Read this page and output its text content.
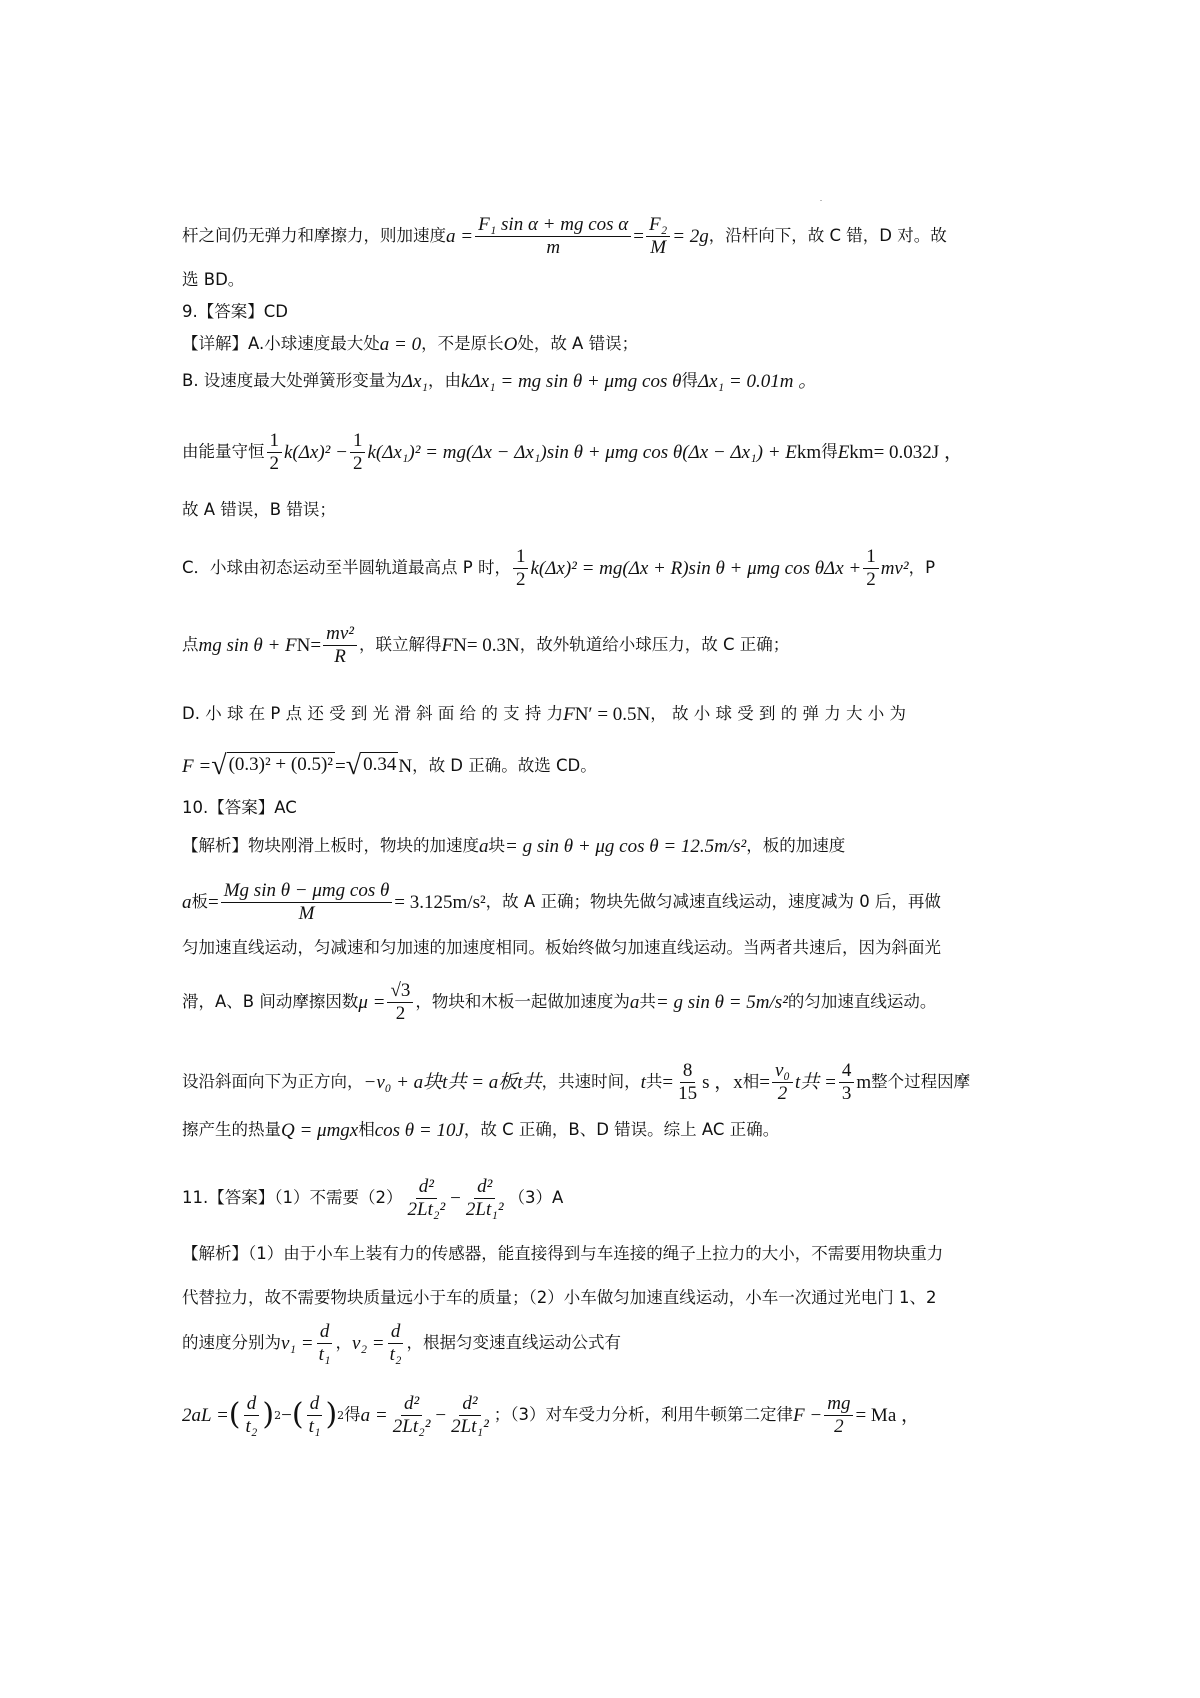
杆之间仍无弹力和摩擦力，则加速度 $a = \frac{\text{F₁ sin α + mg cos α}}{m} = \frac{\text{F₂}}{M} = 2g$ ，沿杆向下，故 C 错，D 对。故
选 BD。
9.【答案】CD
【详解】A.小球速度最大处 a = 0 ，不是原长 O 处，故 A 错误；
B. 设速度最大处弹簧形变量为 Δx₁ ，由 kΔx₁ = mg sin θ + μmg cos θ 得 Δx₁ = 0.01m 。
由能量守恒 $\frac{1}{2} k(\Delta x)^2 - \frac{1}{2} k(\Delta x_1)^2 = mg(\Delta x - \Delta x_1)\sin$ θ + μmg cos θ(Δx − Δx₁) + E km 得 E km = 0.032J ，
故 A 错误，B 错误；
C．小球由初态运动至半圆轨道最高点 P 时， $\frac{1}{2} k(\Delta x)^2 = mg(\Delta x + R)\sin$ θ + μmg $\cos \theta\Delta x + \frac{1}{2} mv^2$ ，P
点 mg sin θ + F $N = \frac{\text{mv²}}{R}$ ，联立解得 F N = 0.3N ，故外轨道给小球压力，故 C 正确；
D. 小 球 在 P 点 还 受 到 光 滑 斜 面 给 的 支 持 力 F N ′ = 0.5N ， 故 小 球 受 到 的 弹 力 大 小 为
F = √ (0.3)² + (0.5)² = √ 0.34 N ，故 D 正确。故选 CD。
10.【答案】AC
【解析】物块刚滑上板时，物块的加速度 a 块 = g sin θ + μg cos θ = 12.5m/s² ，板的加速度
a 板 = $\frac{\text{Mg sin θ − μmg cos θ}}{M} = 3.125m/s^2$ ，故 A 正确；物块先做匀减速直线运动，速度减为 0 后，再做
匀加速直线运动，匀减速和匀加速的加速度相同。板始终做匀加速直线运动。当两者共速后，因为斜面光
滑，A、B 间动摩擦因数 $\mu = \frac{√3}{2}$ ，物块和木板一起做加速度为 a 共 = g sin θ = 5m/s² 的匀加速直线运动。
设沿斜面向下为正方向， −v₀ + a块t共 = a板t共 ，共速时间， t 共 = $\frac{8}{15}$ s ， x 相 = $\frac{\text{v₀}}{2}$ t共 = $\frac{4}{3}$ m 整个过程因摩
擦产生的热量 Q = μmgx 相 cos θ = 10J ，故 C 正确，B、D 错误。综上 AC 正确。
11.【答案】（1）不需要$(2) \frac{\text{d²}}{\text{2Lt₂²}} - \frac{\text{d²}}{\text{2Lt₁²}} (3)A$
【解析】（1）由于小车上装有力的传感器，能直接得到与车连接的绳子上拉力的大小，不需要用物块重力
代替拉力，故不需要物块质量远小于车的质量；（2）小车做匀加速直线运动，小车一次通过光电门 1、2
的速度分别为 $v_1 = \frac{d}{\text{t₁}}$ ， $v_2 = \frac{d}{\text{t₂}}$ ，根据匀变速直线运动公式有
2aL = ( $\frac{d}{\text{t₂}}$ ) 2 − ( $\frac{d}{\text{t₁}}$ ) 2 得 $a = \frac{\text{d²}}{\text{2Lt₂²}} - \frac{\text{d²}}{\text{2Lt₁²}}$ ；（3）对车受力分析，利用牛顿第二定律 $F - \frac{mg}{2} = Ma$ ，
